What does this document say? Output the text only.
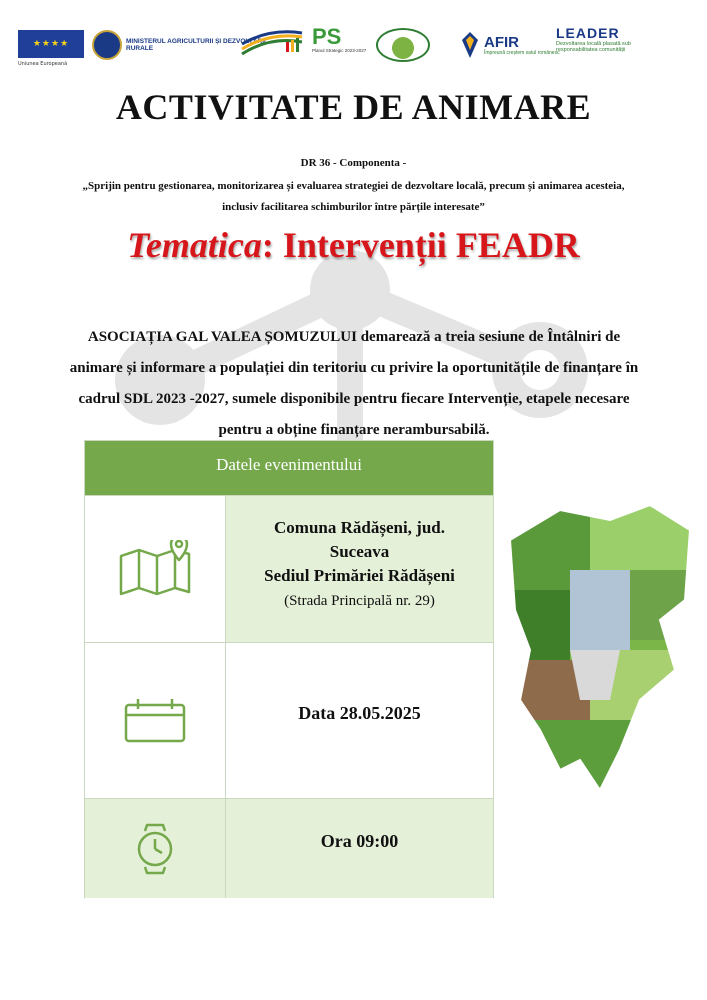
★★★★
Uniunea Europeană
MINISTERUL AGRICULTURII ȘI DEZVOLTĂRII RURALE	PS
Planul Strategic 2023-2027	AFIR
Împreună creștem satul românesc
LEADER
Dezvoltarea locală plasată sub responsabilitatea comunității
ACTIVITATE DE ANIMARE
DR 36 - Componenta -
„Sprijin pentru gestionarea, monitorizarea și evaluarea strategiei de dezvoltare locală, precum și animarea acesteia, inclusiv facilitarea schimburilor între părțile interesate”
Tematica: Intervenții FEADR
ASOCIAȚIA GAL VALEA ȘOMUZULUI demarează a treia sesiune de Întâlniri de animare și informare a populației din teritoriu cu privire la oportunitățile de finanțare în cadrul SDL 2023 -2027, sumele disponibile pentru fiecare Intervenție, etapele necesare pentru a obține finanțare nerambursabilă.
Datele evenimentului
Comuna Rădășeni, jud.
Suceava
Sediul Primăriei Rădășeni
(Strada Principală nr. 29)
Data 28.05.2025
Ora 09:00
